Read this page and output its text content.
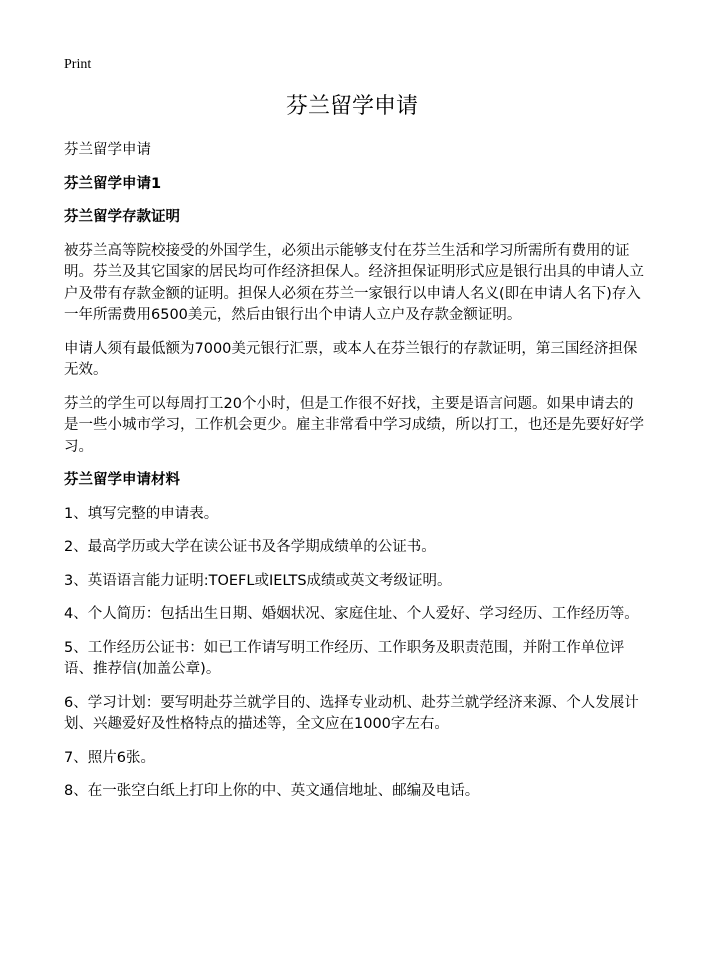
Print
芬兰留学申请

芬兰留学申请

芬兰留学申请1

芬兰留学存款证明

被芬兰高等院校接受的外国学生，必须出示能够支付在芬兰生活和学习所需所有费用的证明。芬兰及其它国家的居民均可作经济担保人。经济担保证明形式应是银行出具的申请人立户及带有存款金额的证明。担保人必须在芬兰一家银行以申请人名义(即在申请人名下)存入一年所需费用6500美元，然后由银行出个申请人立户及存款金额证明。

申请人须有最低额为7000美元银行汇票，或本人在芬兰银行的存款证明，第三国经济担保无效。

芬兰的学生可以每周打工20个小时，但是工作很不好找，主要是语言问题。如果申请去的是一些小城市学习，工作机会更少。雇主非常看中学习成绩，所以打工，也还是先要好好学习。

芬兰留学申请材料

1、填写完整的申请表。

2、最高学历或大学在读公证书及各学期成绩单的公证书。

3、英语语言能力证明:TOEFL或IELTS成绩或英文考级证明。

4、个人简历：包括出生日期、婚姻状况、家庭住址、个人爱好、学习经历、工作经历等。

5、工作经历公证书：如已工作请写明工作经历、工作职务及职责范围，并附工作单位评语、推荐信(加盖公章)。

6、学习计划：要写明赴芬兰就学目的、选择专业动机、赴芬兰就学经济来源、个人发展计划、兴趣爱好及性格特点的描述等，全文应在1000字左右。

7、照片6张。

8、在一张空白纸上打印上你的中、英文通信地址、邮编及电话。
